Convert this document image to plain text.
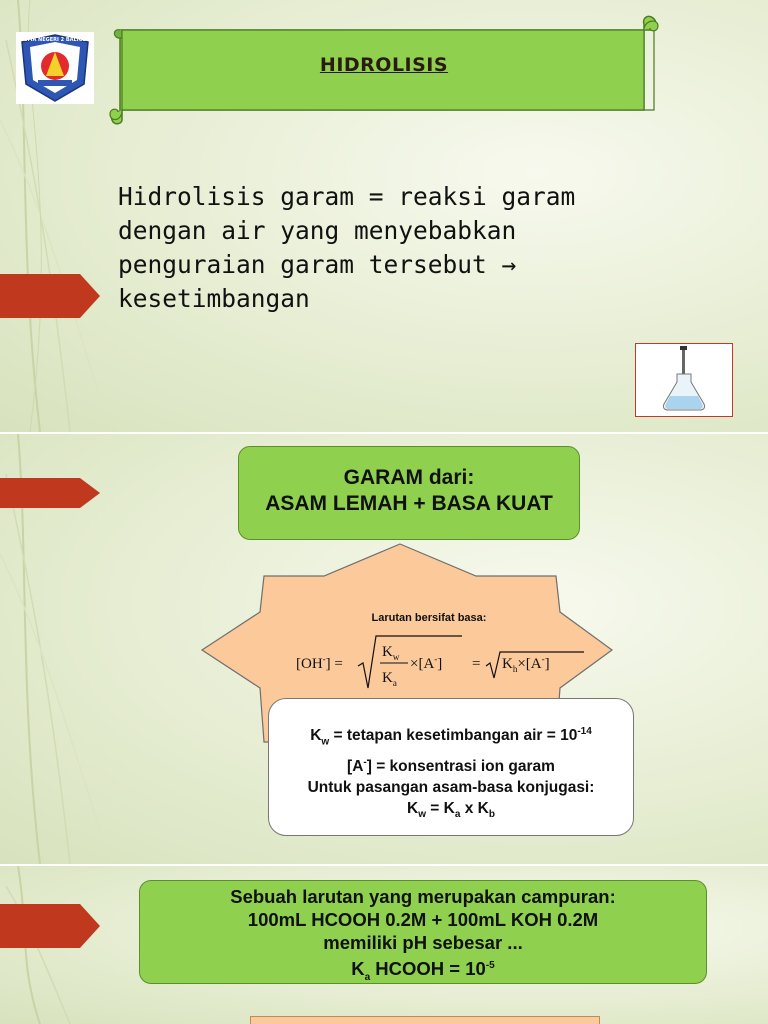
SMA NEGERI 2 BALIGE
HIDROLISIS
Hidrolisis garam = reaksi garam
dengan air yang menyebabkan
penguraian garam tersebut →
kesetimbangan
GARAM dari:
ASAM LEMAH + BASA KUAT
Larutan bersifat basa:
[OH-] =
$K_w$
$K_a$
$\times[A^-] = K_h\times[A^-]$
$K_w$ = tetapan kesetimbangan air = $10^{-14}$
[A-] = konsentrasi ion garam
Untuk pasangan asam-basa konjugasi:
$K_w = K_a$ x $K_b$
Sebuah larutan yang merupakan campuran:
100mL HCOOH 0.2M + 100mL KOH 0.2M
memiliki pH sebesar ...
$K_a$ HCOOH = $10^{-5}$
